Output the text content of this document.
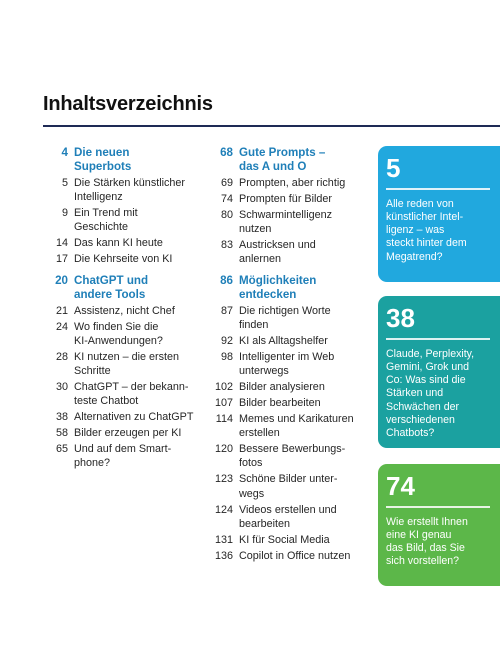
Inhaltsverzeichnis
4 Die neuen
Superbots
5 Die Stärken künstlicher
Intelligenz
9 Ein Trend mit
Geschichte
14 Das kann KI heute
17 Die Kehrseite von KI
20 ChatGPT und
andere Tools
21 Assistenz, nicht Chef
24 Wo finden Sie die
KI-Anwendungen?
28 KI nutzen – die ersten
Schritte
30 ChatGPT – der bekann-
teste Chatbot
38 Alternativen zu ChatGPT
58 Bilder erzeugen per KI
65 Und auf dem Smart-
phone?
68 Gute Prompts –
das A und O
69 Prompten, aber richtig
74 Prompten für Bilder
80 Schwarmintelligenz
nutzen
83 Austricksen und
anlernen
86 Möglichkeiten
entdecken
87 Die richtigen Worte
finden
92 KI als Alltagshelfer
98 Intelligenter im Web
unterwegs
102 Bilder analysieren
107 Bilder bearbeiten
114 Memes und Karikaturen
erstellen
120 Bessere Bewerbungs-
fotos
123 Schöne Bilder unter-
wegs
124 Videos erstellen und
bearbeiten
131 KI für Social Media
136 Copilot in Office nutzen
5
Alle reden von
künstlicher Intel-
ligenz – was
steckt hinter dem
Megatrend?
38
Claude, Perplexity,
Gemini, Grok und
Co: Was sind die
Stärken und
Schwächen der
verschiedenen
Chatbots?
74
Wie erstellt Ihnen
eine KI genau
das Bild, das Sie
sich vorstellen?
